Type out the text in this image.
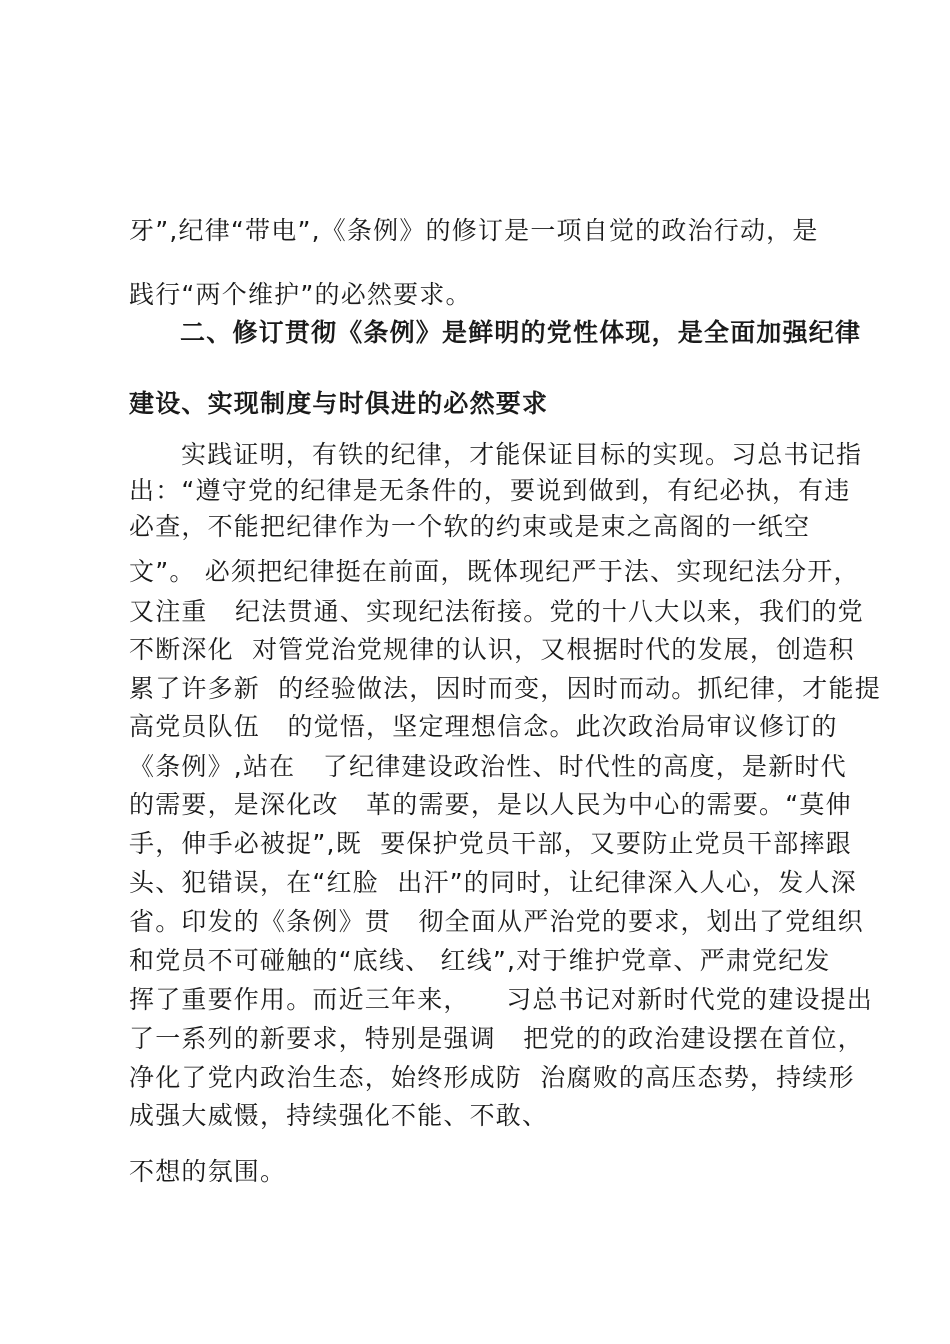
牙”,纪律“带电”,《条例》的修订是一项自觉的政治行动，是
践行“两个维护”的必然要求。
二、修订贯彻《条例》是鲜明的党性体现，是全面加强纪律
建设、实现制度与时俱进的必然要求
实践证明，有铁的纪律，才能保证目标的实现。习总书记指
出：“遵守党的纪律是无条件的，要说到做到，有纪必执，有违
必查，不能把纪律作为一个软的约束或是束之高阁的一纸空
文”。 必须把纪律挺在前面，既体现纪严于法、实现纪法分开，
又注重   纪法贯通、实现纪法衔接。党的十八大以来，我们的党
不断深化  对管党治党规律的认识，又根据时代的发展，创造积
累了许多新  的经验做法，因时而变，因时而动。抓纪律，才能提
高党员队伍   的觉悟，坚定理想信念。此次政治局审议修订的
《条例》,站在   了纪律建设政治性、时代性的高度，是新时代
的需要，是深化改   革的需要，是以人民为中心的需要。“莫伸
手，伸手必被捉”,既  要保护党员干部，又要防止党员干部摔跟
头、犯错误，在“红脸  出汗”的同时，让纪律深入人心，发人深
省。印发的《条例》贯   彻全面从严治党的要求，划出了党组织
和党员不可碰触的“底线、 红线”,对于维护党章、严肃党纪发
挥了重要作用。而近三年来，    习总书记对新时代党的建设提出
了一系列的新要求，特别是强调   把党的的政治建设摆在首位，
净化了党内政治生态，始终形成防  治腐败的高压态势，持续形
成强大威慑，持续强化不能、不敢、
不想的氛围。
